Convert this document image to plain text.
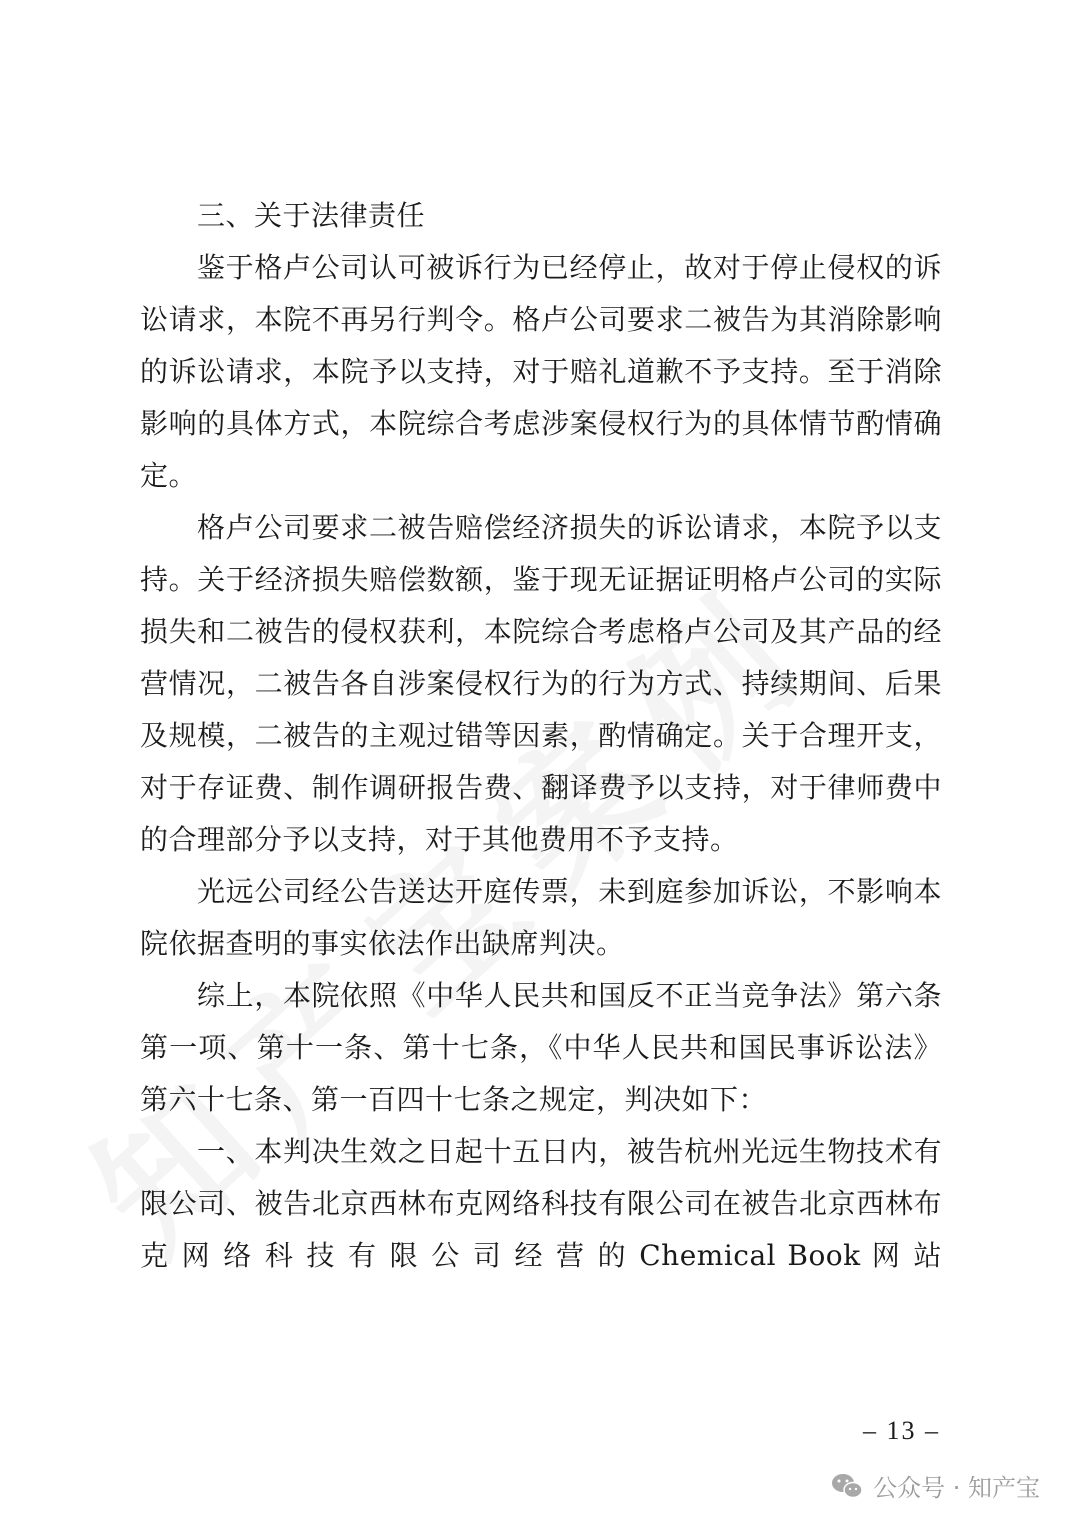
三、关于法律责任
鉴于格卢公司认可被诉行为已经停止，故对于停止侵权的诉
讼请求，本院不再另行判令。格卢公司要求二被告为其消除影响
的诉讼请求，本院予以支持，对于赔礼道歉不予支持。至于消除
影响的具体方式，本院综合考虑涉案侵权行为的具体情节酌情确
定。
格卢公司要求二被告赔偿经济损失的诉讼请求，本院予以支
持。关于经济损失赔偿数额，鉴于现无证据证明格卢公司的实际
损失和二被告的侵权获利，本院综合考虑格卢公司及其产品的经
营情况，二被告各自涉案侵权行为的行为方式、持续期间、后果
及规模，二被告的主观过错等因素，酌情确定。关于合理开支，
对于存证费、制作调研报告费、翻译费予以支持，对于律师费中
的合理部分予以支持，对于其他费用不予支持。
光远公司经公告送达开庭传票，未到庭参加诉讼，不影响本
院依据查明的事实依法作出缺席判决。
综上，本院依照《中华人民共和国反不正当竞争法》第六条
第一项、第十一条、第十七条，《中华人民共和国民事诉讼法》
第六十七条、第一百四十七条之规定，判决如下：
一、本判决生效之日起十五日内，被告杭州光远生物技术有
限公司、被告北京西林布克网络科技有限公司在被告北京西林布
克 网 络 科 技 有 限 公 司 经 营 的 Chemical Book 网 站
– 13 –
公众号 · 知产宝
